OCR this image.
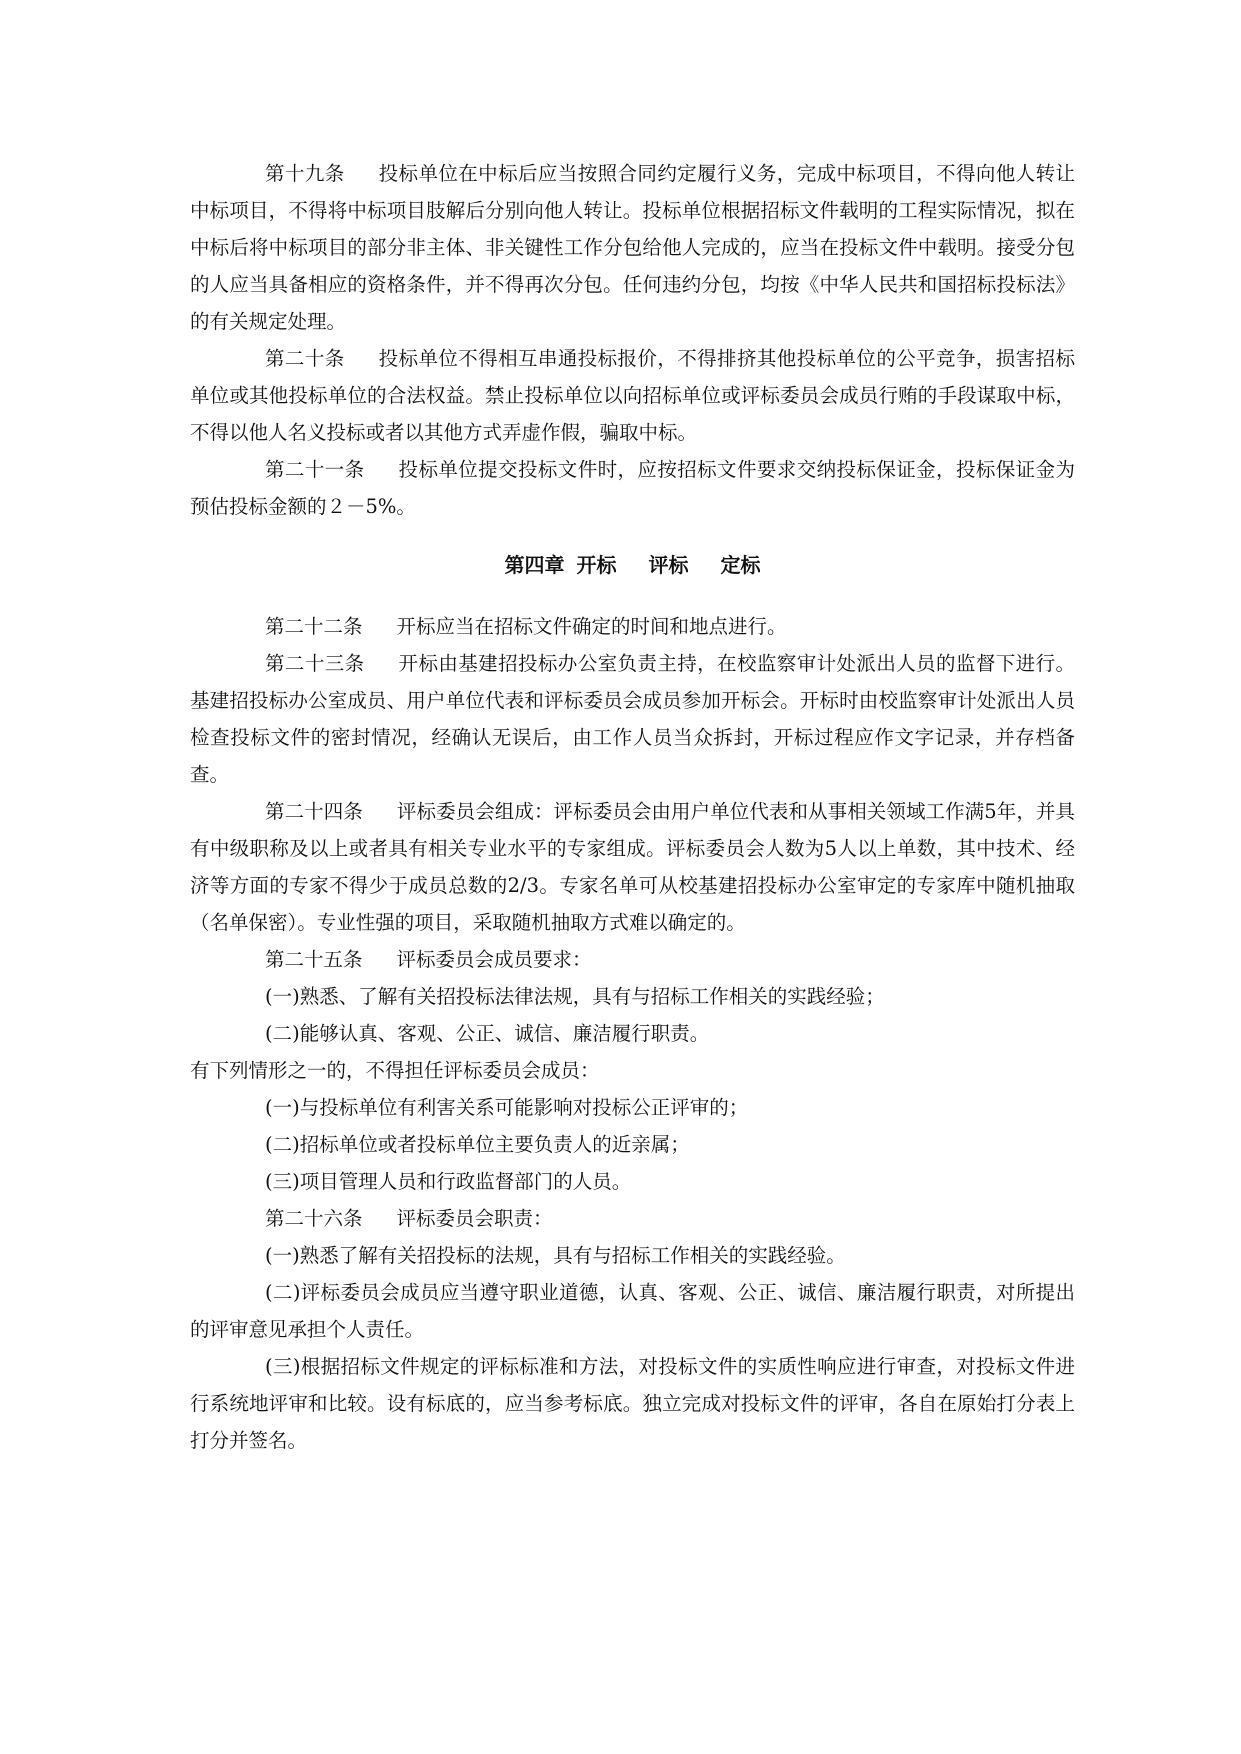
第十九条 投标单位在中标后应当按照合同约定履行义务，完成中标项目，不得向他人转让中标项目，不得将中标项目肢解后分别向他人转让。投标单位根据招标文件载明的工程实际情况，拟在中标后将中标项目的部分非主体、非关键性工作分包给他人完成的，应当在投标文件中载明。接受分包的人应当具备相应的资格条件，并不得再次分包。任何违约分包，均按《中华人民共和国招标投标法》的有关规定处理。

第二十条 投标单位不得相互串通投标报价，不得排挤其他投标单位的公平竞争，损害招标单位或其他投标单位的合法权益。禁止投标单位以向招标单位或评标委员会成员行贿的手段谋取中标，不得以他人名义投标或者以其他方式弄虚作假，骗取中标。

第二十一条 投标单位提交投标文件时，应按招标文件要求交纳投标保证金，投标保证金为预估投标金额的２－5%。

第四章 开标 评标 定标

第二十二条 开标应当在招标文件确定的时间和地点进行。

第二十三条 开标由基建招投标办公室负责主持，在校监察审计处派出人员的监督下进行。基建招投标办公室成员、用户单位代表和评标委员会成员参加开标会。开标时由校监察审计处派出人员检查投标文件的密封情况，经确认无误后，由工作人员当众拆封，开标过程应作文字记录，并存档备查。

第二十四条 评标委员会组成：评标委员会由用户单位代表和从事相关领域工作满5年，并具有中级职称及以上或者具有相关专业水平的专家组成。评标委员会人数为5人以上单数，其中技术、经济等方面的专家不得少于成员总数的2/3。专家名单可从校基建招投标办公室审定的专家库中随机抽取（名单保密）。专业性强的项目，采取随机抽取方式难以确定的。

第二十五条 评标委员会成员要求：

(一)熟悉、了解有关招投标法律法规，具有与招标工作相关的实践经验；

(二)能够认真、客观、公正、诚信、廉洁履行职责。

有下列情形之一的，不得担任评标委员会成员：

(一)与投标单位有利害关系可能影响对投标公正评审的；

(二)招标单位或者投标单位主要负责人的近亲属；

(三)项目管理人员和行政监督部门的人员。

第二十六条 评标委员会职责：

(一)熟悉了解有关招投标的法规，具有与招标工作相关的实践经验。

(二)评标委员会成员应当遵守职业道德，认真、客观、公正、诚信、廉洁履行职责，对所提出的评审意见承担个人责任。

(三)根据招标文件规定的评标标准和方法，对投标文件的实质性响应进行审查，对投标文件进行系统地评审和比较。设有标底的，应当参考标底。独立完成对投标文件的评审，各自在原始打分表上打分并签名。
